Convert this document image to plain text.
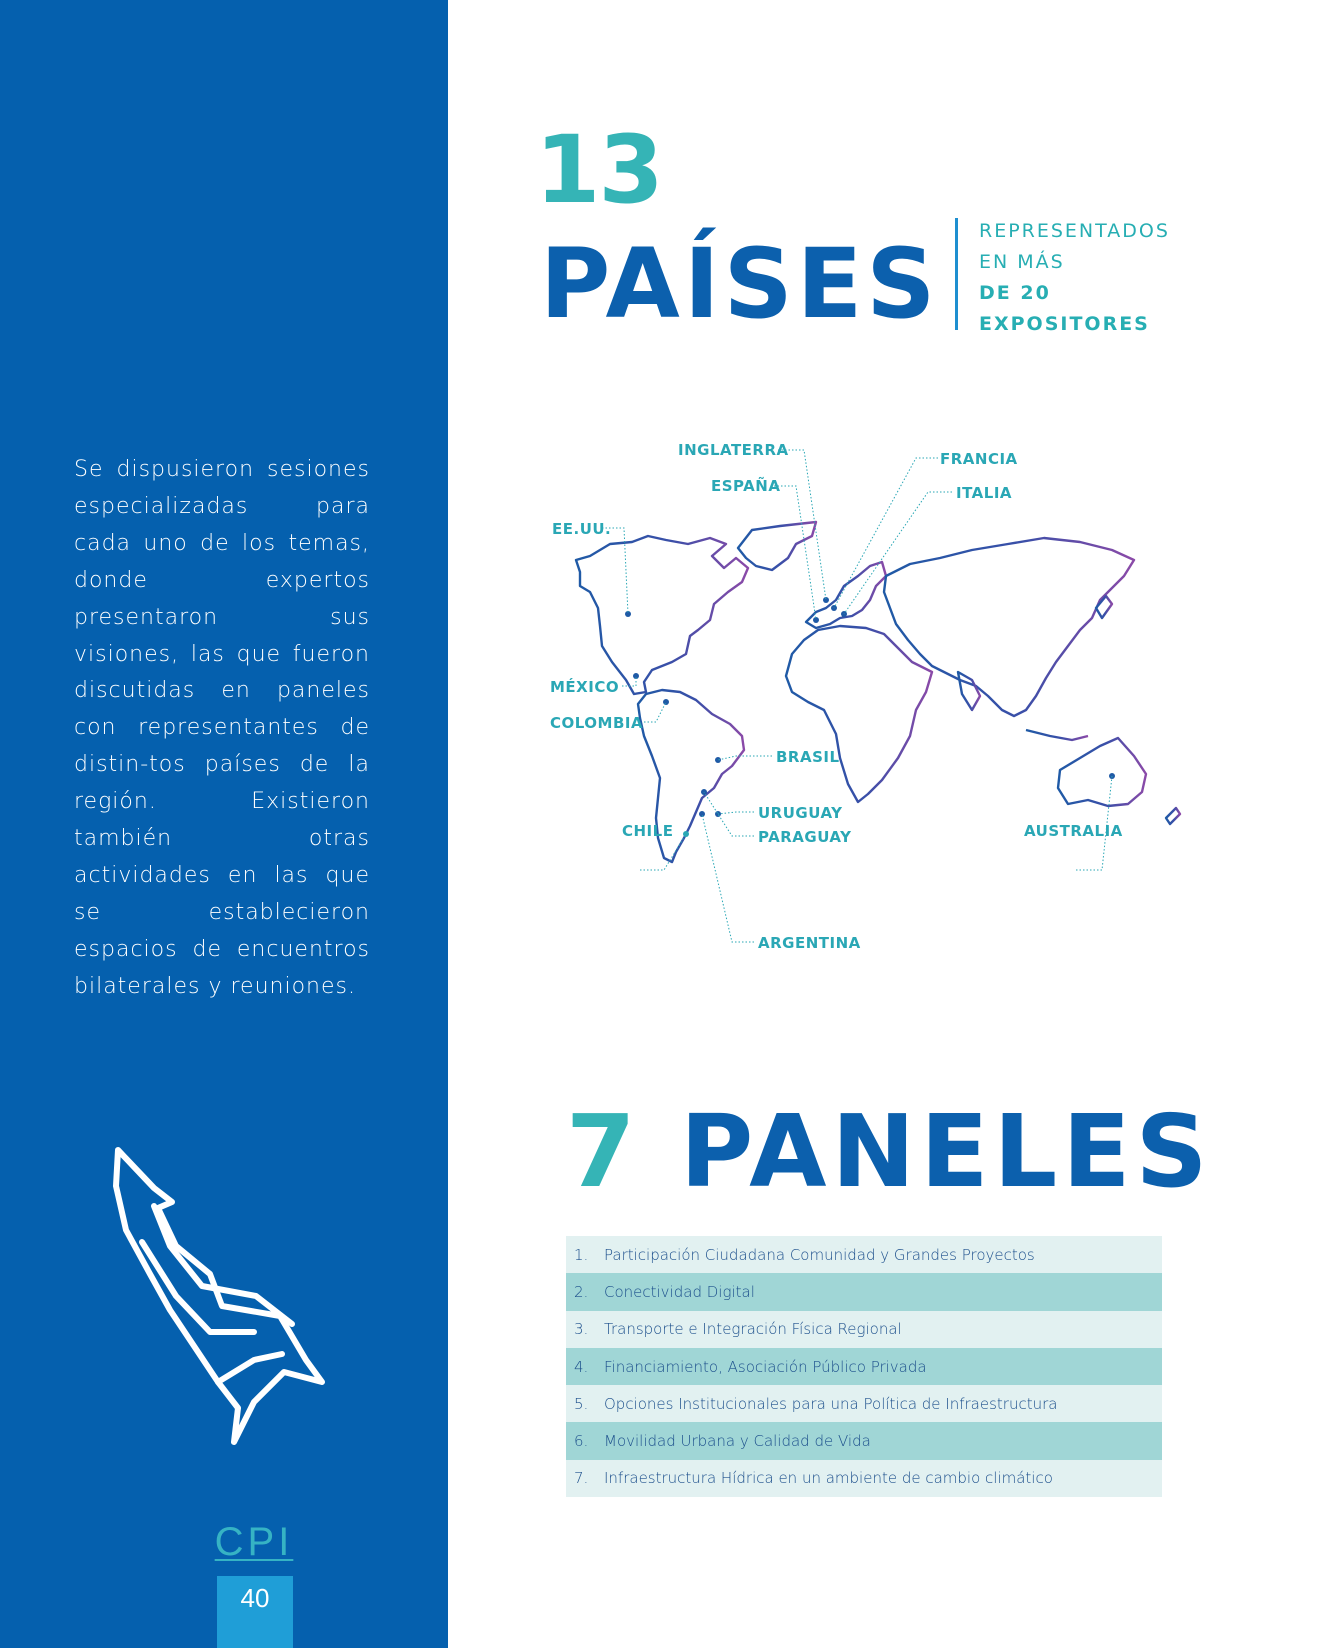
Se dispusieron sesiones especializadas para cada uno de los temas, donde expertos presentaron sus visiones, las que fueron discutidas en paneles con representantes de distin-tos países de la región. Existieron también otras actividades en las que se establecieron espacios de encuentros bilaterales y reuniones.

CPI
40
13
PAÍSES REPRESENTADOS
EN MÁS
DE 20
EXPOSITORES
INGLATERRA
ESPAÑA
FRANCIA
ITALIA
EE.UU.
MÉXICO
COLOMBIA
BRASIL
URUGUAY
PARAGUAY
CHILE
ARGENTINA
AUSTRALIA
7 PANELES
1.	Participación Ciudadana Comunidad y Grandes Proyectos
2.	Conectividad Digital
3.	Transporte e Integración Física Regional
4.	Financiamiento, Asociación Público Privada
5.	Opciones Institucionales para una Política de Infraestructura
6.	Movilidad Urbana y Calidad de Vida
7.	Infraestructura Hídrica en un ambiente de cambio climático
